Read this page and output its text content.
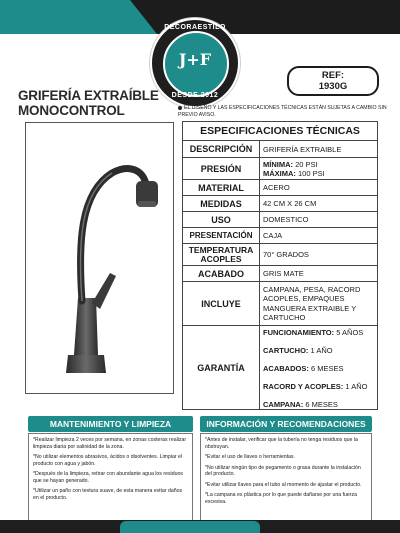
DECORAESTILO
J+F
DESDE 2012
REF:
1930G
GRIFERÍA EXTRAÍBLE
MONOCONTROL	EL DISEÑO Y LAS ESPECIFICACIONES TÉCNICAS ESTÁN SUJETAS A CAMBIO SIN PREVIO AVISO.
ESPECIFICACIONES TÉCNICAS	
DESCRIPCIÓN	GRIFERÍA EXTRAIBLE
PRESIÓN	MÍNIMA: 20 PSI
MÁXIMA: 100 PSI

MATERIAL	ACERO
MEDIDAS	42 CM X 26 CM
USO	DOMESTICO
PRESENTACIÓN	CAJA

TEMPERATURA
ACOPLES	70° GRADOS
ACABADO	GRIS MATE
INCLUYE	CAMPANA, PESA, RACORD ACOPLES, EMPAQUES MANGUERA EXTRAIBLE Y CARTUCHO
GARANTÍA	FUNCIONAMIENTO: 5 AÑOS
CARTUCHO: 1 AÑO
ACABADOS: 6 MESES
RACORD Y ACOPLES: 1 AÑO
CAMPANA: 6 MESES
MANTENIMIENTO Y LIMPIEZA
*Realizar limpieza 2 veces por semana, en zonas costeras realizar limpieza diaria por salinidad de la zona.
*No utilizar elementos abrasivos, ácidos o disolventes. Limpiar el producto con agua y jabón.
*Después de la limpieza, retirar con abundante agua los residuos que se hayan generado.
*Utilizar un paño con textura suave, de esta manera evitar daños en el producto.
INFORMACIÓN Y RECOMENDACIONES
*Antes de instalar, verificar que la tubería no tenga residuos que la obstruyan.
*Evitar el uso de llaves o herramientas.
*No utilizar ningún tipo de pegamento o grasa durante la instalación del producto.
*Evitar utilizar llaves para el tubo al momento de ajustar el producto.
*La campana es plástica por lo que puede dañarse por una fuerza excesiva.
